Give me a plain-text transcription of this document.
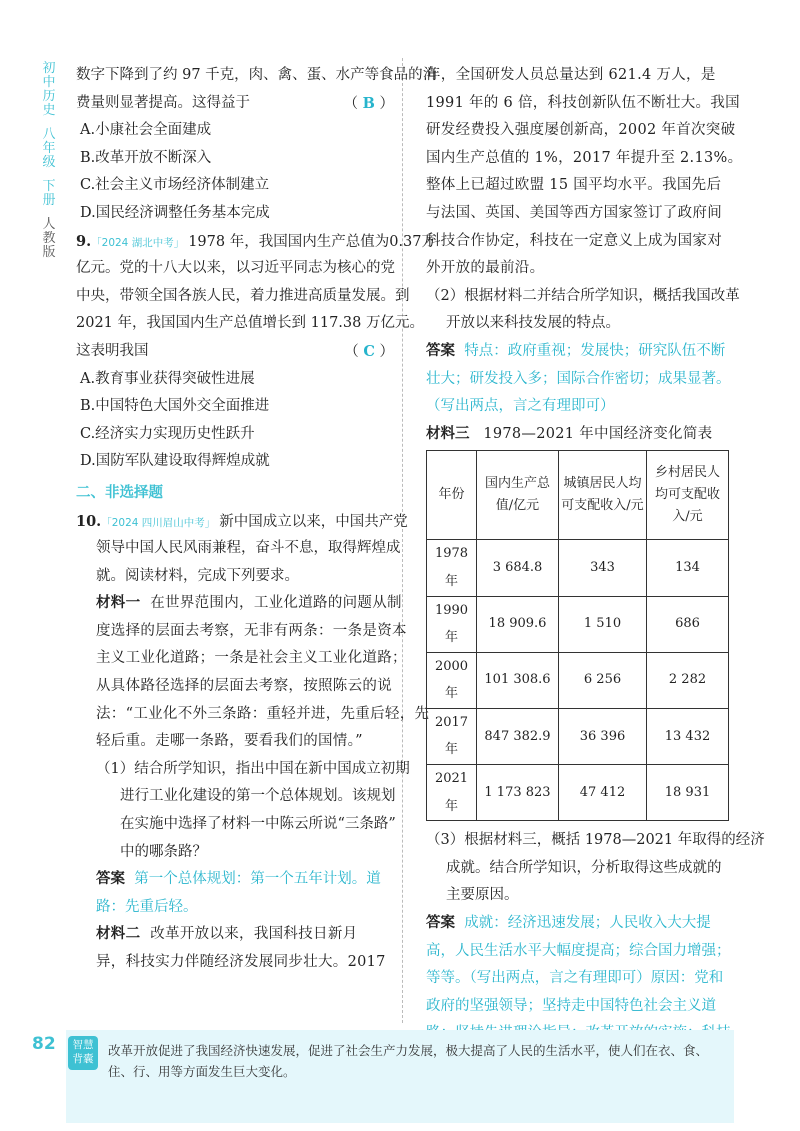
初中历史
八年级
下册
人教版
数字下降到了约 97 千克，肉、禽、蛋、水产等食品的消
费量则显著提高。这得益于	（ B ）
A.小康社会全面建成
B.改革开放不断深入
C.社会主义市场经济体制建立
D.国民经济调整任务基本完成
9.「2024 湖北中考」 1978 年，我国国内生产总值为0.37万
亿元。党的十八大以来，以习近平同志为核心的党
中央，带领全国各族人民，着力推进高质量发展。到
2021 年，我国国内生产总值增长到 117.38 万亿元。
这表明我国	（ C ）
A.教育事业获得突破性进展
B.中国特色大国外交全面推进
C.经济实力实现历史性跃升
D.国防军队建设取得辉煌成就
二、非选择题
10.「2024 四川眉山中考」 新中国成立以来，中国共产党
领导中国人民风雨兼程，奋斗不息，取得辉煌成
就。阅读材料，完成下列要求。
材料一 在世界范围内，工业化道路的问题从制
度选择的层面去考察，无非有两条：一条是资本
主义工业化道路；一条是社会主义工业化道路；
从具体路径选择的层面去考察，按照陈云的说
法：“工业化不外三条路：重轻并进，先重后轻，先
轻后重。走哪一条路，要看我们的国情。”
（1）结合所学知识，指出中国在新中国成立初期
进行工业化建设的第一个总体规划。该规划
在实施中选择了材料一中陈云所说“三条路”
中的哪条路？
答案 第一个总体规划：第一个五年计划。道
路：先重后轻。
材料二 改革开放以来，我国科技日新月
异，科技实力伴随经济发展同步壮大。2017
年，全国研发人员总量达到 621.4 万人，是
1991 年的 6 倍，科技创新队伍不断壮大。我国
研发经费投入强度屡创新高，2002 年首次突破
国内生产总值的 1%，2017 年提升至 2.13%。
整体上已超过欧盟 15 国平均水平。我国先后
与法国、英国、美国等西方国家签订了政府间
科技合作协定，科技在一定意义上成为国家对
外开放的最前沿。
（2）根据材料二并结合所学知识，概括我国改革
开放以来科技发展的特点。
答案 特点：政府重视；发展快；研究队伍不断
壮大；研发投入多；国际合作密切；成果显著。
（写出两点，言之有理即可）
材料三 1978—2021 年中国经济变化简表
年份	国内生产总值/亿元	城镇居民人均可支配收入/元	乡村居民人均可支配收入/元
1978 年	3 684.8	343	134
1990 年	18 909.6	1 510	686
2000 年	101 308.6	6 256	2 282
2017 年	847 382.9	36 396	13 432
2021 年	1 173 823	47 412	18 931
（3）根据材料三，概括 1978—2021 年取得的经济
成就。结合所学知识，分析取得这些成就的
主要原因。
答案 成就：经济迅速发展；人民收入大大提
高，人民生活水平大幅度提高；综合国力增强；
等等。（写出两点，言之有理即可）原因：党和
政府的坚强领导；坚持走中国特色社会主义道
82	智慧背囊
改革开放促进了我国经济快速发展，促进了社会生产力发展，极大提高了人民的生活水平，使人们在衣、食、住、行、用等方面发生巨大变化。
